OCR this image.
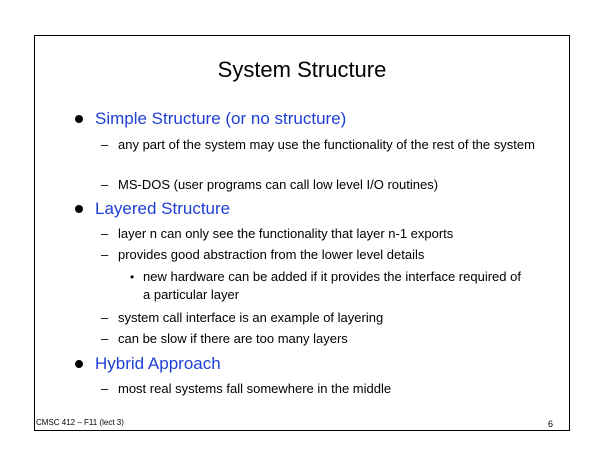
System Structure
Simple Structure (or no structure)
– any part of the system may use the functionality of the rest of the system
– MS-DOS (user programs can call low level I/O routines)
Layered Structure
– layer n can only see the functionality that layer n-1 exports
– provides good abstraction from the lower level details
• new hardware can be added if it provides the interface required of a particular layer
– system call interface is an example of layering
– can be slow if there are too many layers
Hybrid Approach
– most real systems fall somewhere in the middle
CMSC 412 – F11 (lect 3)	6
